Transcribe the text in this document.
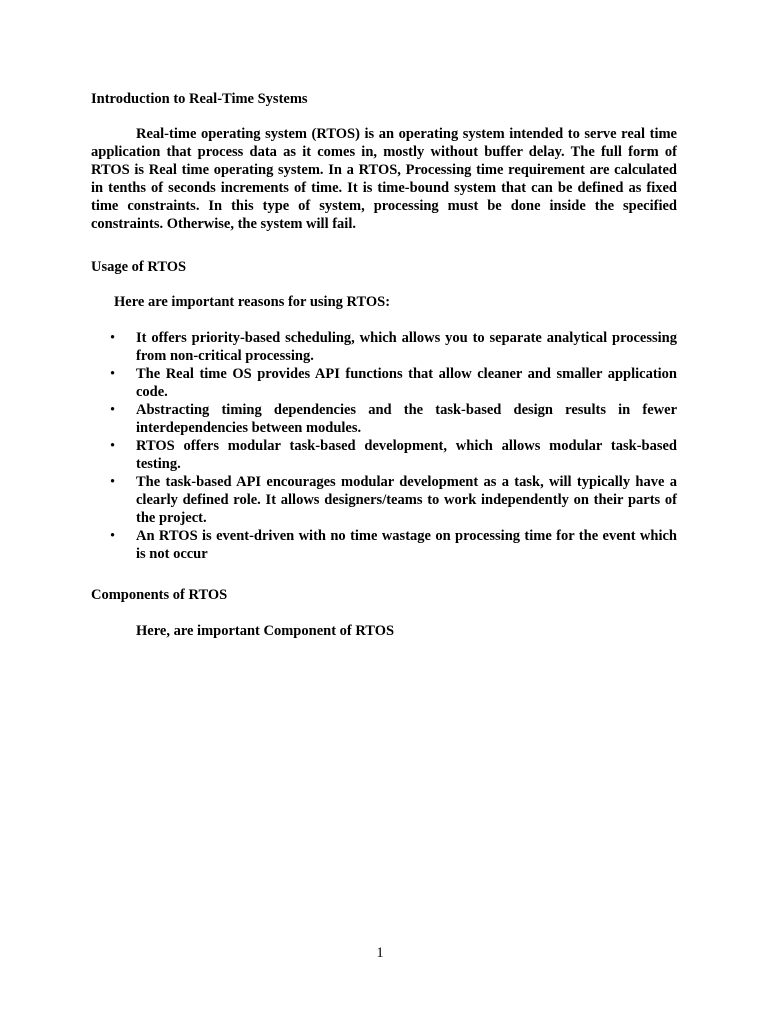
Introduction to Real-Time Systems

Real-time operating system (RTOS) is an operating system intended to serve real time application that process data as it comes in, mostly without buffer delay. The full form of RTOS is Real time operating system. In a RTOS, Processing time requirement are calculated in tenths of seconds increments of time. It is time-bound system that can be defined as fixed time constraints. In this type of system, processing must be done inside the specified constraints. Otherwise, the system will fail.

Usage of RTOS

Here are important reasons for using RTOS:

• It offers priority-based scheduling, which allows you to separate analytical processing from non-critical processing.
• The Real time OS provides API functions that allow cleaner and smaller application code.
• Abstracting timing dependencies and the task-based design results in fewer interdependencies between modules.
• RTOS offers modular task-based development, which allows modular task-based testing.
• The task-based API encourages modular development as a task, will typically have a clearly defined role. It allows designers/teams to work independently on their parts of the project.
• An RTOS is event-driven with no time wastage on processing time for the event which is not occur
Components of RTOS

Here, are important Component of RTOS

1
